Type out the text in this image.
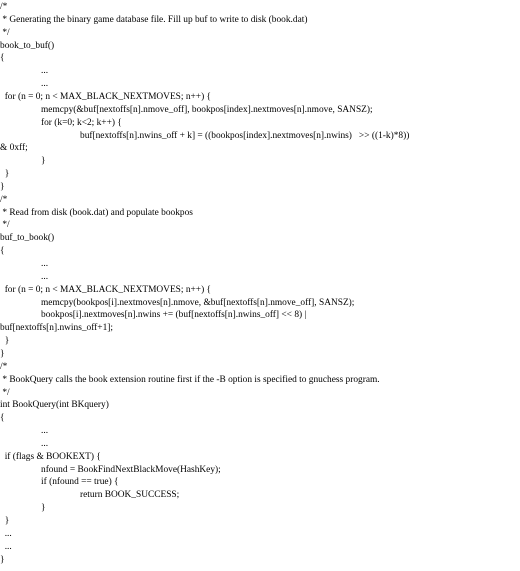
/*
* Generating the binary game database file. Fill up buf to write to disk (book.dat)
*/
book_to_buf()
{
...
...
for (n = 0; n < MAX_BLACK_NEXTMOVES; n++) {
memcpy(&buf[nextoffs[n].nmove_off], bookpos[index].nextmoves[n].nmove, SANSZ);
for (k=0; k<2; k++) {
buf[nextoffs[n].nwins_off + k] = ((bookpos[index].nextmoves[n].nwins)   >> ((1-k)*8))
& 0xff;
}
}
}
/*
* Read from disk (book.dat) and populate bookpos
*/
buf_to_book()
{
...
...
for (n = 0; n < MAX_BLACK_NEXTMOVES; n++) {
memcpy(bookpos[i].nextmoves[n].nmove, &buf[nextoffs[n].nmove_off], SANSZ);
bookpos[i].nextmoves[n].nwins += (buf[nextoffs[n].nwins_off] << 8) |
buf[nextoffs[n].nwins_off+1];
}
}
/*
* BookQuery calls the book extension routine first if the -B option is specified to gnuchess program.
*/
int BookQuery(int BKquery)
{
...
...
if (flags & BOOKEXT) {
nfound = BookFindNextBlackMove(HashKey);
if (nfound == true) {
return BOOK_SUCCESS;
}
}
...
...
}
